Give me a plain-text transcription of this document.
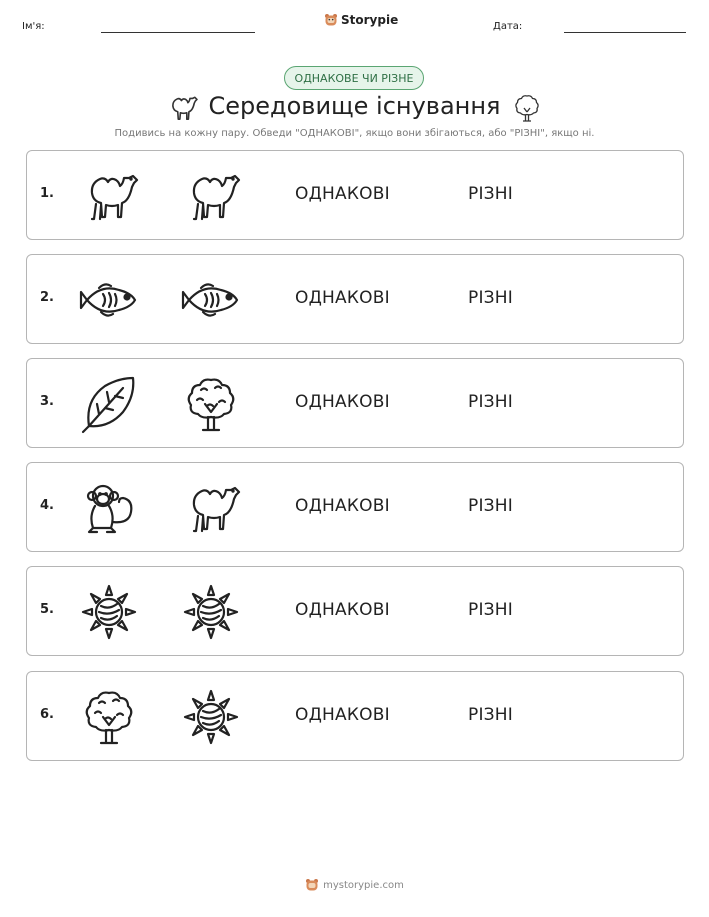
Ім'я:	Storypie	Дата:
ОДНАКОВЕ ЧИ РІЗНЕ
Середовище існування
Подивись на кожну пару. Обведи "ОДНАКОВІ", якщо вони збігаються, або "РІЗНІ", якщо ні.
1.	ОДНАКОВІ	РІЗНІ
2.	ОДНАКОВІ	РІЗНІ
3.	ОДНАКОВІ	РІЗНІ
4.	ОДНАКОВІ	РІЗНІ
5.	ОДНАКОВІ	РІЗНІ
6.	ОДНАКОВІ	РІЗНІ
mystorypie.com
